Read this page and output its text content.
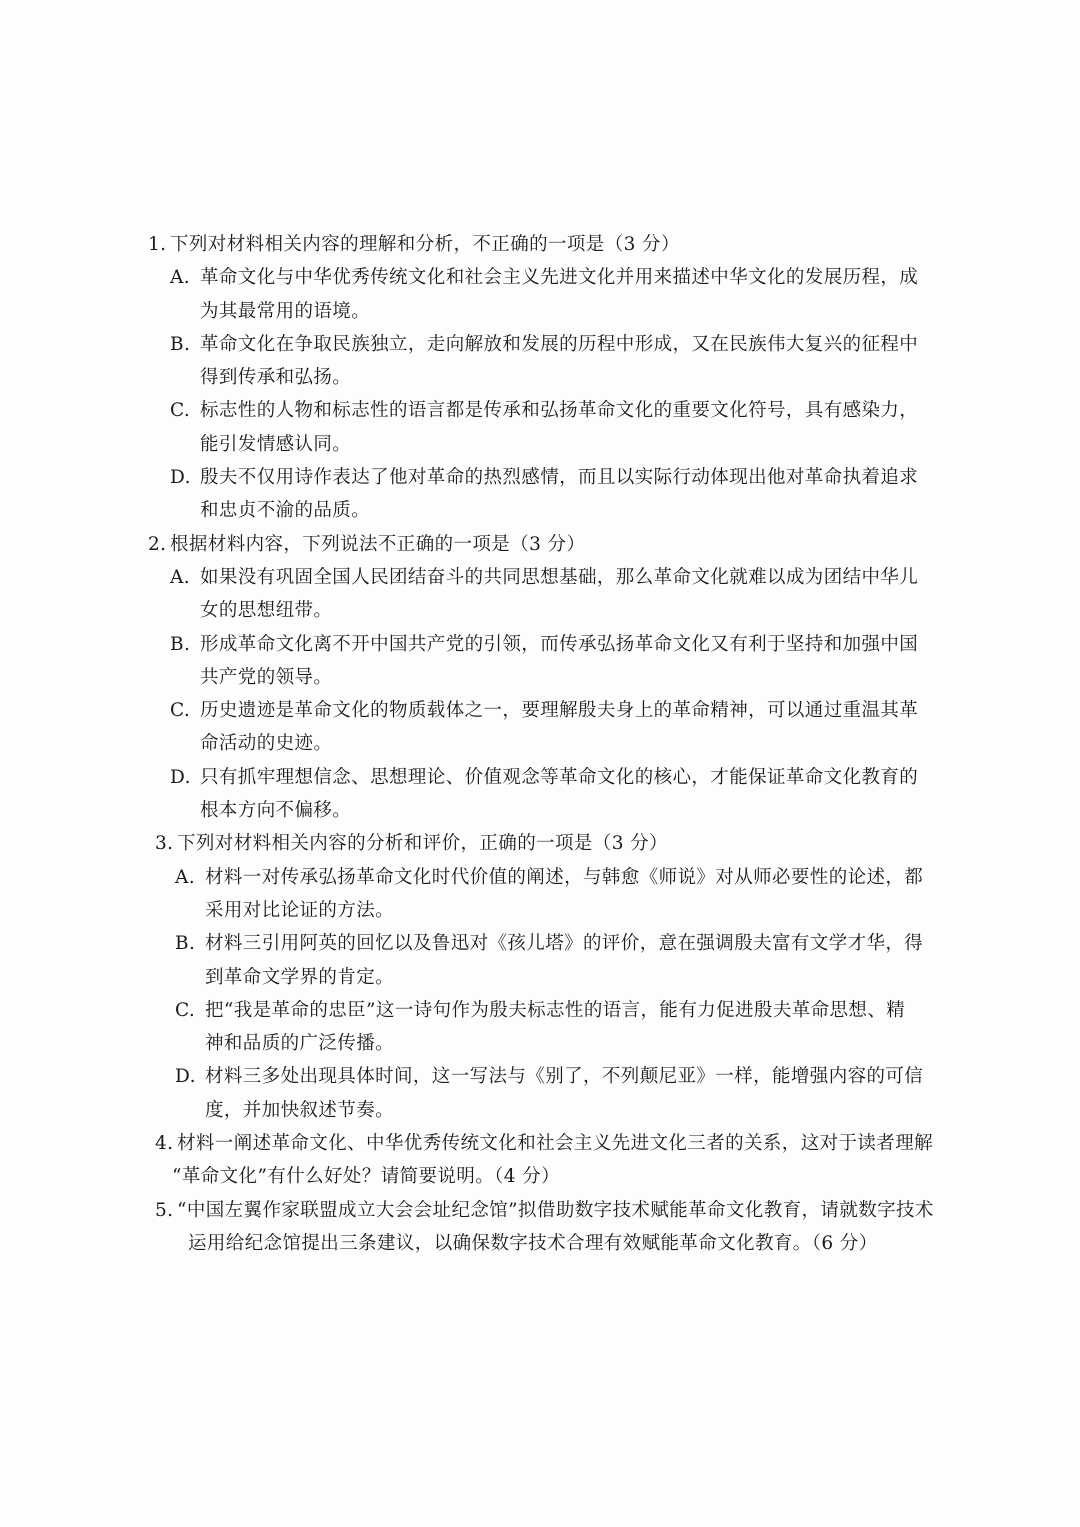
1. 下列对材料相关内容的理解和分析，不正确的一项是（3 分）
A. 革命文化与中华优秀传统文化和社会主义先进文化并用来描述中华文化的发展历程，成
为其最常用的语境。
B. 革命文化在争取民族独立，走向解放和发展的历程中形成，又在民族伟大复兴的征程中
得到传承和弘扬。
C. 标志性的人物和标志性的语言都是传承和弘扬革命文化的重要文化符号，具有感染力，
能引发情感认同。
D. 殷夫不仅用诗作表达了他对革命的热烈感情，而且以实际行动体现出他对革命执着追求
和忠贞不渝的品质。
2. 根据材料内容，下列说法不正确的一项是（3 分）
A. 如果没有巩固全国人民团结奋斗的共同思想基础，那么革命文化就难以成为团结中华儿
女的思想纽带。
B. 形成革命文化离不开中国共产党的引领，而传承弘扬革命文化又有利于坚持和加强中国
共产党的领导。
C. 历史遗迹是革命文化的物质载体之一，要理解殷夫身上的革命精神，可以通过重温其革
命活动的史迹。
D. 只有抓牢理想信念、思想理论、价值观念等革命文化的核心，才能保证革命文化教育的
根本方向不偏移。
3. 下列对材料相关内容的分析和评价，正确的一项是（3 分）
A. 材料一对传承弘扬革命文化时代价值的阐述，与韩愈《师说》对从师必要性的论述，都
采用对比论证的方法。
B. 材料三引用阿英的回忆以及鲁迅对《孩儿塔》的评价，意在强调殷夫富有文学才华，得
到革命文学界的肯定。
C. 把“我是革命的忠臣”这一诗句作为殷夫标志性的语言，能有力促进殷夫革命思想、精
神和品质的广泛传播。
D. 材料三多处出现具体时间，这一写法与《别了，不列颠尼亚》一样，能增强内容的可信
度，并加快叙述节奏。
4. 材料一阐述革命文化、中华优秀传统文化和社会主义先进文化三者的关系，这对于读者理解
“革命文化”有什么好处？请简要说明。（4 分）
5. “中国左翼作家联盟成立大会会址纪念馆”拟借助数字技术赋能革命文化教育，请就数字技术
运用给纪念馆提出三条建议，以确保数字技术合理有效赋能革命文化教育。（6 分）
